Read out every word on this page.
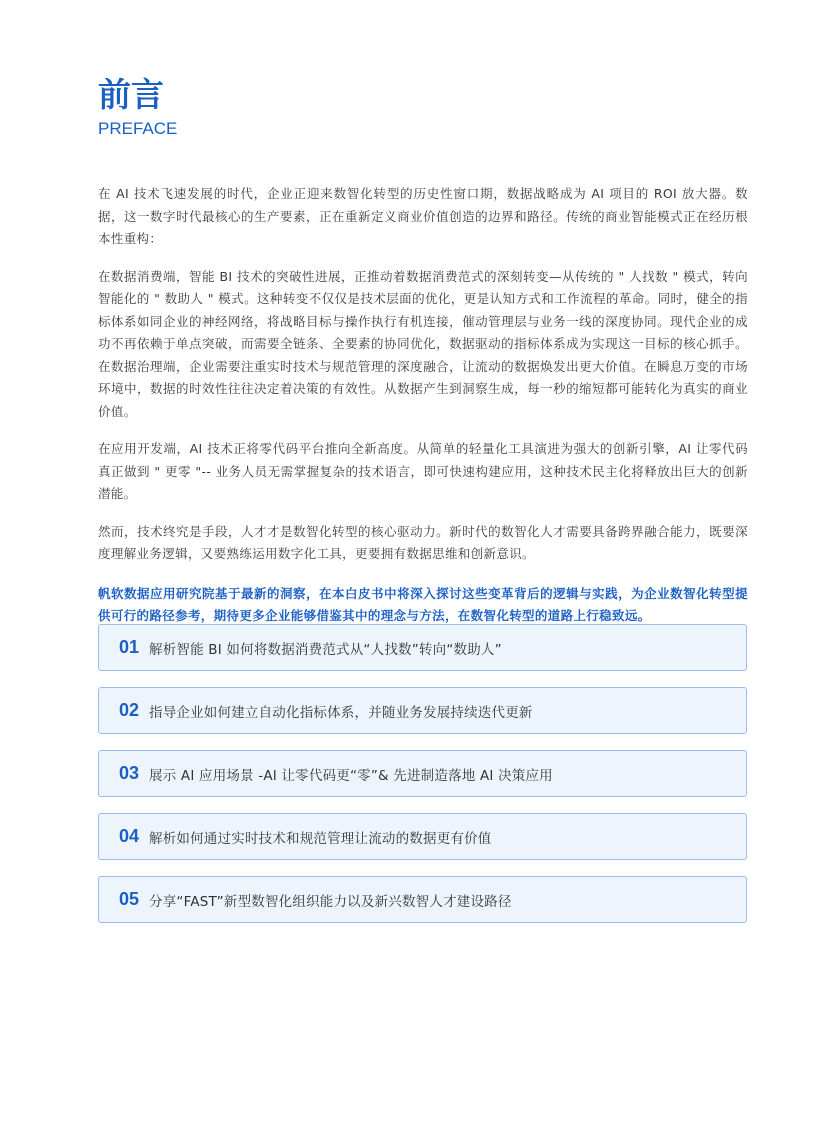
前言
PREFACE

在 AI 技术飞速发展的时代，企业正迎来数智化转型的历史性窗口期，数据战略成为 AI 项目的 ROI 放大器。数据，这一数字时代最核心的生产要素，正在重新定义商业价值创造的边界和路径。传统的商业智能模式正在经历根本性重构：

在数据消费端，智能 BI 技术的突破性进展，正推动着数据消费范式的深刻转变—从传统的 " 人找数 " 模式，转向智能化的 " 数助人 " 模式。这种转变不仅仅是技术层面的优化，更是认知方式和工作流程的革命。同时，健全的指标体系如同企业的神经网络，将战略目标与操作执行有机连接，催动管理层与业务一线的深度协同。现代企业的成功不再依赖于单点突破，而需要全链条、全要素的协同优化，数据驱动的指标体系成为实现这一目标的核心抓手。在数据治理端，企业需要注重实时技术与规范管理的深度融合，让流动的数据焕发出更大价值。在瞬息万变的市场环境中，数据的时效性往往决定着决策的有效性。从数据产生到洞察生成，每一秒的缩短都可能转化为真实的商业价值。

在应用开发端，AI 技术正将零代码平台推向全新高度。从简单的轻量化工具演进为强大的创新引擎，AI 让零代码真正做到 " 更零 "-- 业务人员无需掌握复杂的技术语言，即可快速构建应用，这种技术民主化将释放出巨大的创新潜能。

然而，技术终究是手段，人才才是数智化转型的核心驱动力。新时代的数智化人才需要具备跨界融合能力，既要深度理解业务逻辑，又要熟练运用数字化工具，更要拥有数据思维和创新意识。

帆软数据应用研究院基于最新的洞察，在本白皮书中将深入探讨这些变革背后的逻辑与实践，为企业数智化转型提供可行的路径参考，期待更多企业能够借鉴其中的理念与方法，在数智化转型的道路上行稳致远。

01 解析智能 BI 如何将数据消费范式从“人找数”转向“数助人”
02 指导企业如何建立自动化指标体系，并随业务发展持续迭代更新
03 展示 AI 应用场景 -AI 让零代码更“零”& 先进制造落地 AI 决策应用
04 解析如何通过实时技术和规范管理让流动的数据更有价值
05 分享“FAST”新型数智化组织能力以及新兴数智人才建设路径
